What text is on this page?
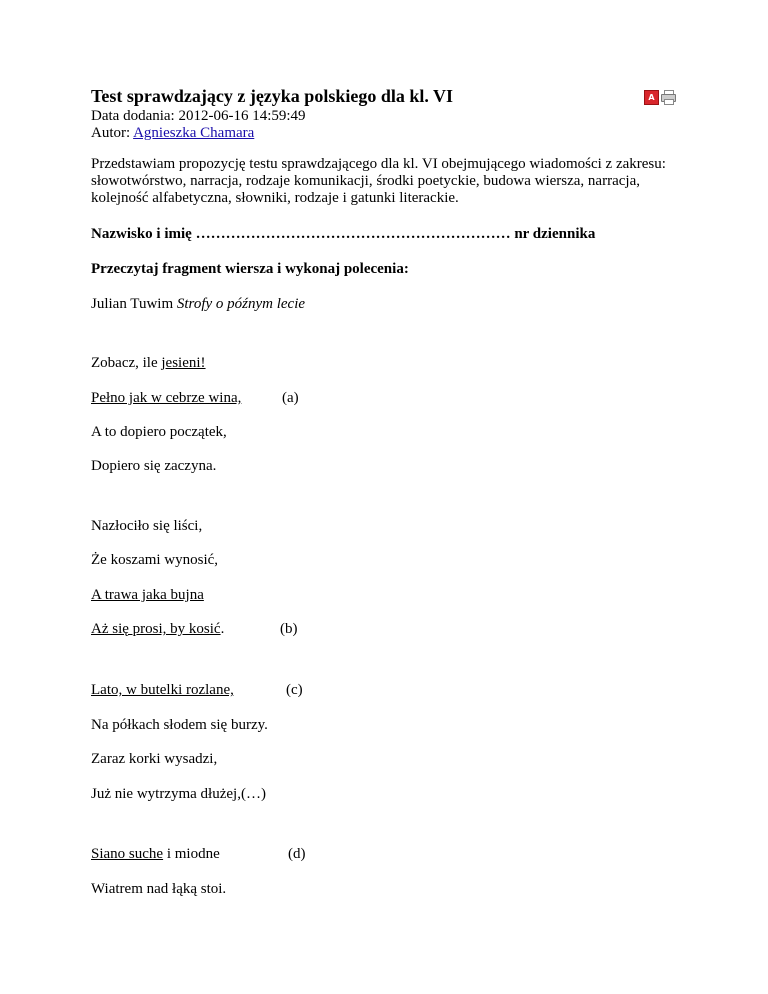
A
Test sprawdzający z języka polskiego dla kl. VI
Data dodania: 2012-06-16 14:59:49
Autor: Agnieszka Chamara
Przedstawiam propozycję testu sprawdzającego dla kl. VI obejmującego wiadomości z zakresu: słowotwórstwo, narracja, rodzaje komunikacji, środki poetyckie, budowa wiersza, narracja, kolejność alfabetyczna, słowniki, rodzaje i gatunki literackie.
Nazwisko i imię ……………………………………………………… nr dziennika
Przeczytaj fragment wiersza i wykonaj polecenia:
Julian Tuwim Strofy o późnym lecie
Zobacz, ile jesieni!
Pełno jak w cebrze wina,	(a)
A to dopiero początek,
Dopiero się zaczyna.
Nazłociło się liści,
Że koszami wynosić,
A trawa jaka bujna
Aż się prosi, by kosić.	(b)
Lato, w butelki rozlane,	(c)
Na półkach słodem się burzy.
Zaraz korki wysadzi,
Już nie wytrzyma dłużej,(…)
Siano suche i miodne	(d)
Wiatrem nad łąką stoi.
